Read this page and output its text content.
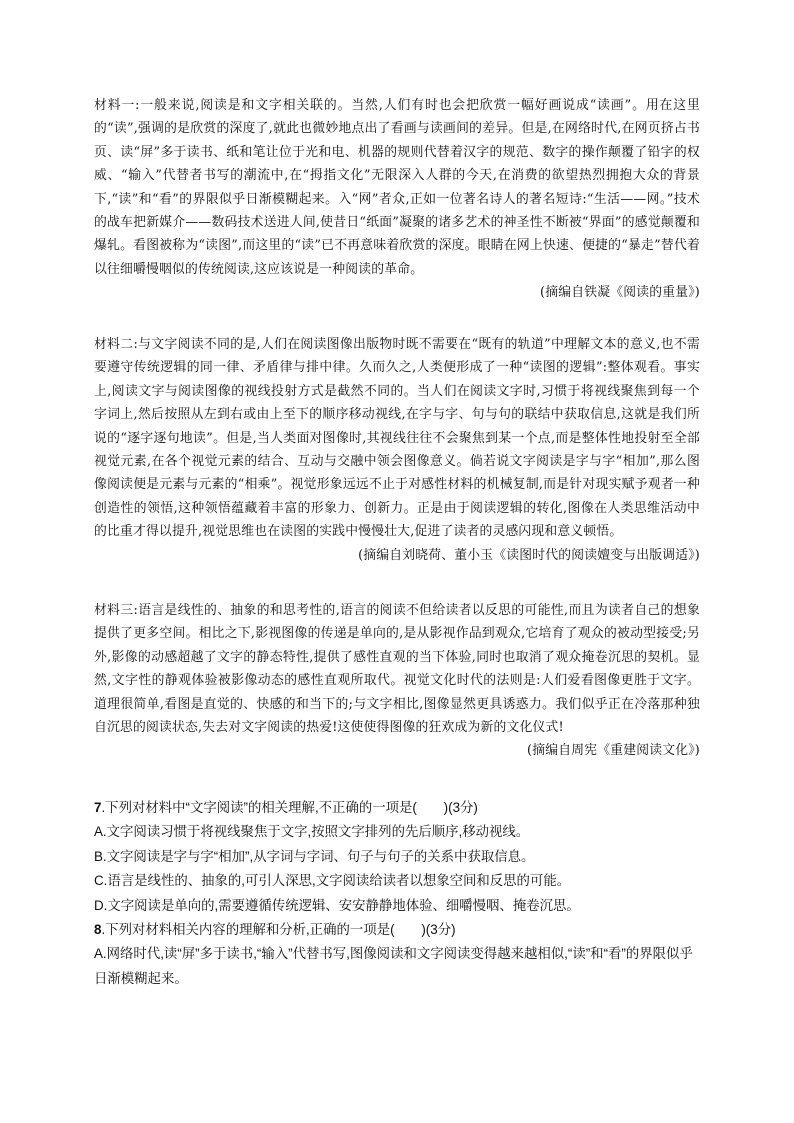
材料一:一般来说,阅读是和文字相关联的。当然,人们有时也会把欣赏一幅好画说成“读画”。用在这里的“读”,强调的是欣赏的深度了,就此也微妙地点出了看画与读画间的差异。但是,在网络时代,在网页挤占书页、读“屏”多于读书、纸和笔让位于光和电、机器的规则代替着汉字的规范、数字的操作颠覆了铅字的权威、“输入”代替者书写的潮流中,在“拇指文化”无限深入人群的今天,在消费的欲望热烈拥抱大众的背景下,“读”和“看”的界限似乎日渐模糊起来。入“网”者众,正如一位著名诗人的著名短诗:“生活——网。”技术的战车把新媒介——数码技术送进人间,使昔日“纸面”凝聚的诸多艺术的神圣性不断被“界面”的感觉颠覆和爆轧。看图被称为“读图”,而这里的“读”已不再意味着欣赏的深度。眼睛在网上快速、便捷的“暴走”替代着以往细嚼慢咽似的传统阅读,这应该说是一种阅读的革命。

(摘编自铁凝《阅读的重量》)

材料二:与文字阅读不同的是,人们在阅读图像出版物时既不需要在“既有的轨道”中理解文本的意义,也不需要遵守传统逻辑的同一律、矛盾律与排中律。久而久之,人类便形成了一种“读图的逻辑”:整体观看。事实上,阅读文字与阅读图像的视线投射方式是截然不同的。当人们在阅读文字时,习惯于将视线聚焦到每一个字词上,然后按照从左到右或由上至下的顺序移动视线,在字与字、句与句的联结中获取信息,这就是我们所说的“逐字逐句地读”。但是,当人类面对图像时,其视线往往不会聚焦到某一个点,而是整体性地投射至全部视觉元素,在各个视觉元素的结合、互动与交融中领会图像意义。倘若说文字阅读是字与字“相加”,那么图像阅读便是元素与元素的“相乘”。视觉形象远远不止于对感性材料的机械复制,而是针对现实赋予观者一种创造性的领悟,这种领悟蕴藏着丰富的形象力、创新力。正是由于阅读逻辑的转化,图像在人类思维活动中的比重才得以提升,视觉思维也在读图的实践中慢慢壮大,促进了读者的灵感闪现和意义顿悟。

(摘编自刘晓荷、董小玉《读图时代的阅读嬗变与出版调适》)

材料三:语言是线性的、抽象的和思考性的,语言的阅读不但给读者以反思的可能性,而且为读者自己的想象提供了更多空间。相比之下,影视图像的传递是单向的,是从影视作品到观众,它培育了观众的被动型接受;另外,影像的动感超越了文字的静态特性,提供了感性直观的当下体验,同时也取消了观众掩卷沉思的契机。显然,文字性的静观体验被影像动态的感性直观所取代。视觉文化时代的法则是:人们爱看图像更胜于文字。道理很简单,看图是直觉的、快感的和当下的;与文字相比,图像显然更具诱惑力。我们似乎正在冷落那种独自沉思的阅读状态,失去对文字阅读的热爱!这使使得图像的狂欢成为新的文化仪式!

(摘编自周宪《重建阅读文化》)

7.下列对材料中“文字阅读”的相关理解,不正确的一项是(　　)(3分)

A.文字阅读习惯于将视线聚焦于文字,按照文字排列的先后顺序,移动视线。

B.文字阅读是字与字“相加”,从字词与字词、句子与句子的关系中获取信息。

C.语言是线性的、抽象的,可引人深思,文字阅读给读者以想象空间和反思的可能。

D.文字阅读是单向的,需要遵循传统逻辑、安安静静地体验、细嚼慢咽、掩卷沉思。

8.下列对材料相关内容的理解和分析,正确的一项是(　　)(3分)

A.网络时代,读“屏”多于读书,“输入”代替书写,图像阅读和文字阅读变得越来越相似,“读”和“看”的界限似乎日渐模糊起来。
